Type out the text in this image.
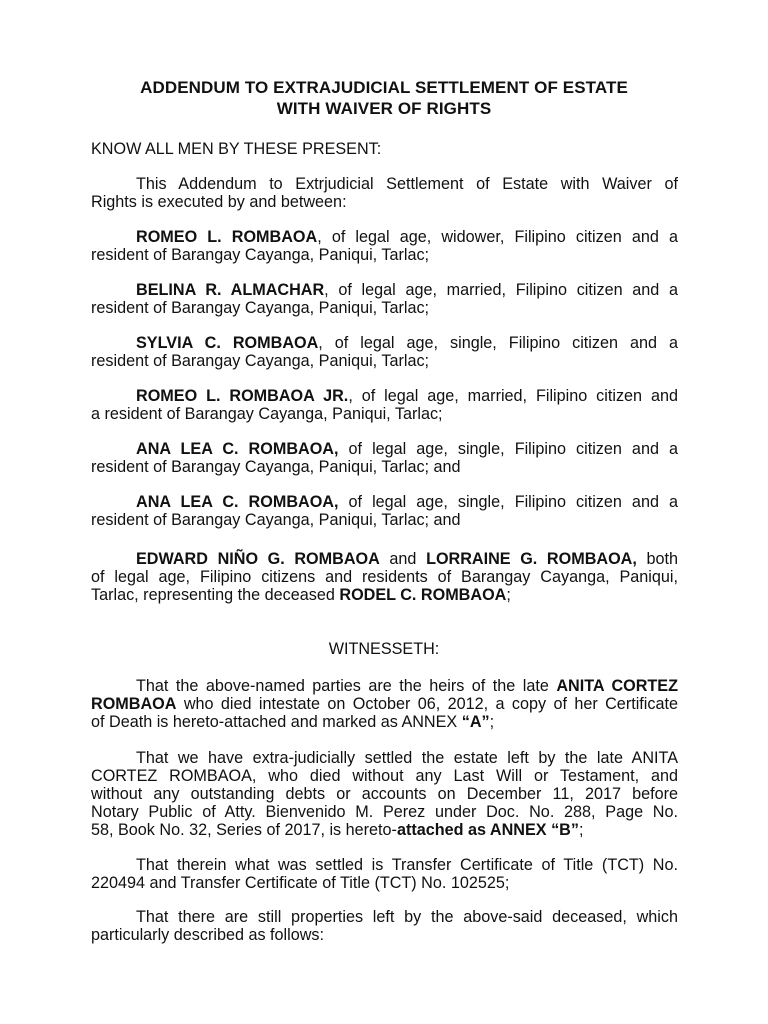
ADDENDUM TO EXTRAJUDICIAL SETTLEMENT OF ESTATE
WITH WAIVER OF RIGHTS

KNOW ALL MEN BY THESE PRESENT:

This Addendum to Extrjudicial Settlement of Estate with Waiver of

Rights is executed by and between:

ROMEO L. ROMBAOA, of legal age, widower, Filipino citizen and a

resident of Barangay Cayanga, Paniqui, Tarlac;

BELINA R. ALMACHAR, of legal age, married, Filipino citizen and a

resident of Barangay Cayanga, Paniqui, Tarlac;

SYLVIA C. ROMBAOA, of legal age, single, Filipino citizen and a

resident of Barangay Cayanga, Paniqui, Tarlac;

ROMEO L. ROMBAOA JR., of legal age, married, Filipino citizen and

a resident of Barangay Cayanga, Paniqui, Tarlac;

ANA LEA C. ROMBAOA, of legal age, single, Filipino citizen and a

resident of Barangay Cayanga, Paniqui, Tarlac; and

ANA LEA C. ROMBAOA, of legal age, single, Filipino citizen and a

resident of Barangay Cayanga, Paniqui, Tarlac; and

EDWARD NIÑO G. ROMBAOA and LORRAINE G. ROMBAOA, both

of legal age, Filipino citizens and residents of Barangay Cayanga, Paniqui,

Tarlac, representing the deceased RODEL C. ROMBAOA;

WITNESSETH:

That the above-named parties are the heirs of the late ANITA CORTEZ

ROMBAOA who died intestate on October 06, 2012, a copy of her Certificate

of Death is hereto-attached and marked as ANNEX “A”;

That we have extra-judicially settled the estate left by the late ANITA

CORTEZ ROMBAOA, who died without any Last Will or Testament, and

without any outstanding debts or accounts on December 11, 2017 before

Notary Public of Atty. Bienvenido M. Perez under Doc. No. 288, Page No.

58, Book No. 32, Series of 2017, is hereto-attached as ANNEX “B”;

That therein what was settled is Transfer Certificate of Title (TCT) No.

220494 and Transfer Certificate of Title (TCT) No. 102525;

That there are still properties left by the above-said deceased, which

particularly described as follows:
